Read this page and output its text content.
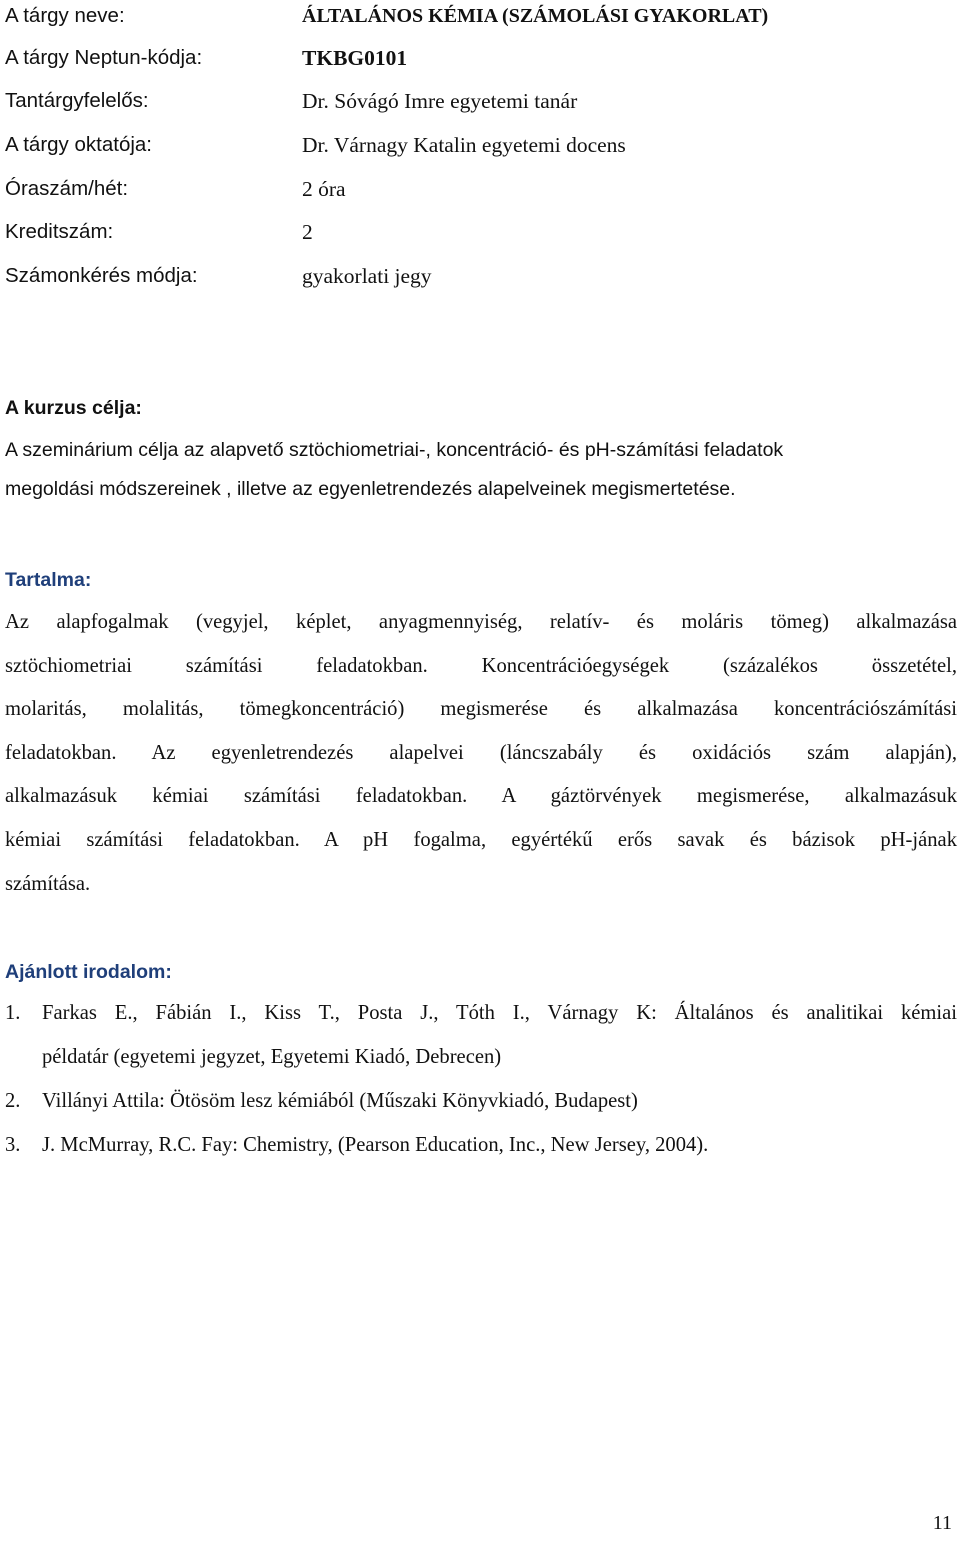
A tárgy neve:	ÁLTALÁNOS KÉMIA (SZÁMOLÁSI GYAKORLAT)
A tárgy Neptun-kódja:	TKBG0101
Tantárgyfelelős:	Dr. Sóvágó Imre egyetemi tanár
A tárgy oktatója:	Dr. Várnagy Katalin egyetemi docens
Óraszám/hét:	2 óra
Kreditszám:	2
Számonkérés módja:	gyakorlati jegy
A kurzus célja:
A szeminárium célja az alapvető sztöchiometriai-, koncentráció- és pH-számítási feladatok
megoldási módszereinek , illetve az egyenletrendezés alapelveinek megismertetése.
Tartalma:
Az alapfogalmak (vegyjel, képlet, anyagmennyiség, relatív- és moláris tömeg) alkalmazása
sztöchiometriai számítási feladatokban. Koncentrációegységek (százalékos összetétel,
molaritás, molalitás, tömegkoncentráció) megismerése és alkalmazása koncentrációszámítási
feladatokban. Az egyenletrendezés alapelvei (láncszabály és oxidációs szám alapján),
alkalmazásuk kémiai számítási feladatokban. A gáztörvények megismerése, alkalmazásuk
kémiai számítási feladatokban. A pH fogalma, egyértékű erős savak és bázisok pH-jának
számítása.
Ajánlott irodalom:
1. Farkas E., Fábián I., Kiss T., Posta J., Tóth I., Várnagy K: Általános és analitikai kémiai
példatár (egyetemi jegyzet, Egyetemi Kiadó, Debrecen)
2. Villányi Attila: Ötösöm lesz kémiából (Műszaki Könyvkiadó, Budapest)
3. J. McMurray, R.C. Fay: Chemistry, (Pearson Education, Inc., New Jersey, 2004).
11
